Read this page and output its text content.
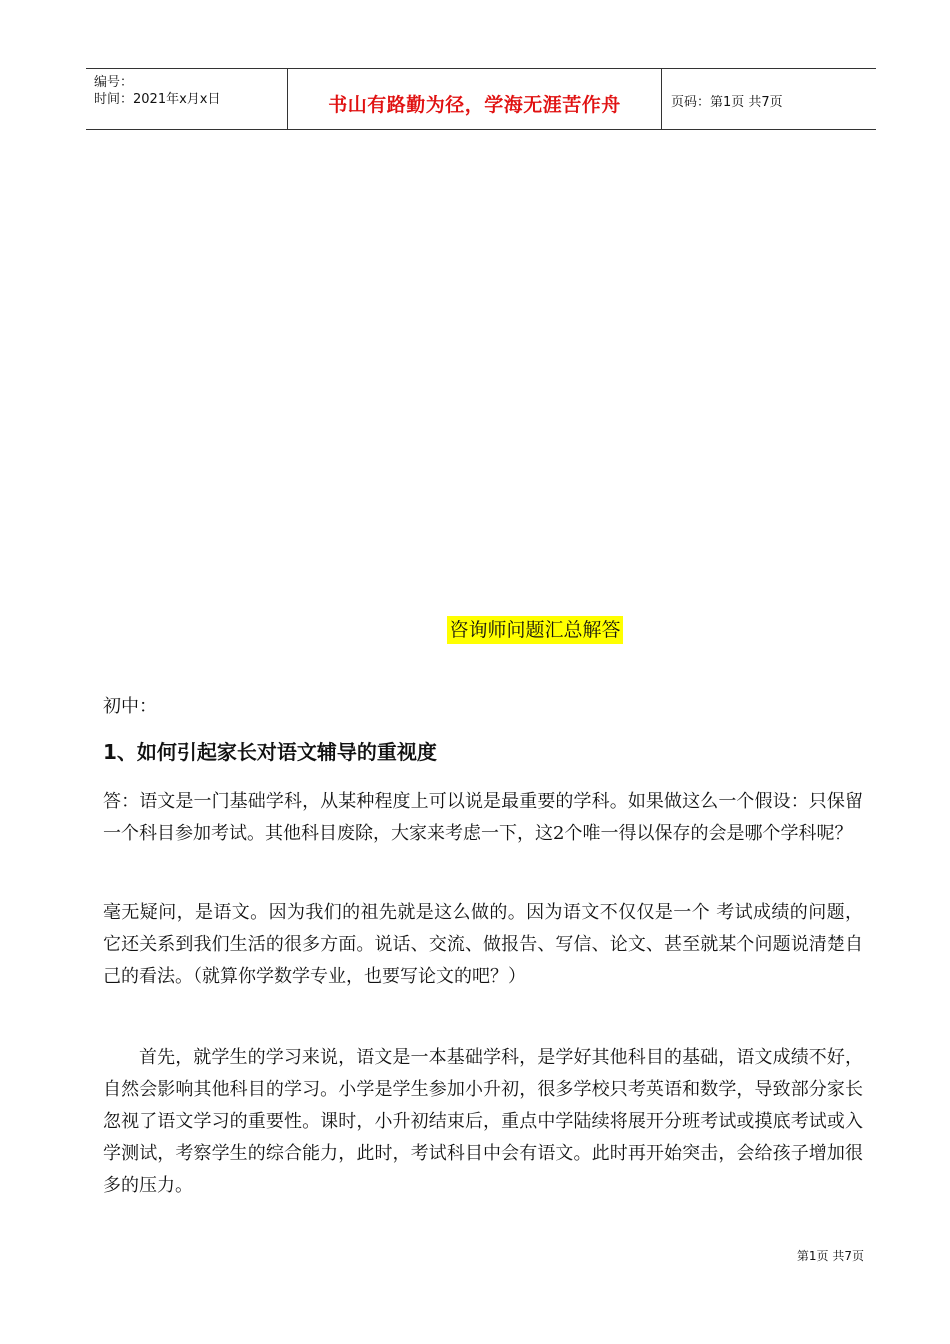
编号：
时间：2021年x月x日	书山有路勤为径，学海无涯苦作舟	页码：第1页 共7页
咨询师问题汇总解答
初中：
1、如何引起家长对语文辅导的重视度
答：语文是一门基础学科，从某种程度上可以说是最重要的学科。如果做这么一个假设：只保留一个科目参加考试。其他科目废除，大家来考虑一下，这2个唯一得以保存的会是哪个学科呢？
毫无疑问，是语文。因为我们的祖先就是这么做的。因为语文不仅仅是一个 考试成绩的问题，它还关系到我们生活的很多方面。说话、交流、做报告、写信、论文、甚至就某个问题说清楚自己的看法。（就算你学数学专业，也要写论文的吧？）
首先，就学生的学习来说，语文是一本基础学科，是学好其他科目的基础，语文成绩不好，自然会影响其他科目的学习。小学是学生参加小升初，很多学校只考英语和数学，导致部分家长忽视了语文学习的重要性。课时，小升初结束后，重点中学陆续将展开分班考试或摸底考试或入学测试，考察学生的综合能力，此时，考试科目中会有语文。此时再开始突击，会给孩子增加很多的压力。
第1页 共7页
